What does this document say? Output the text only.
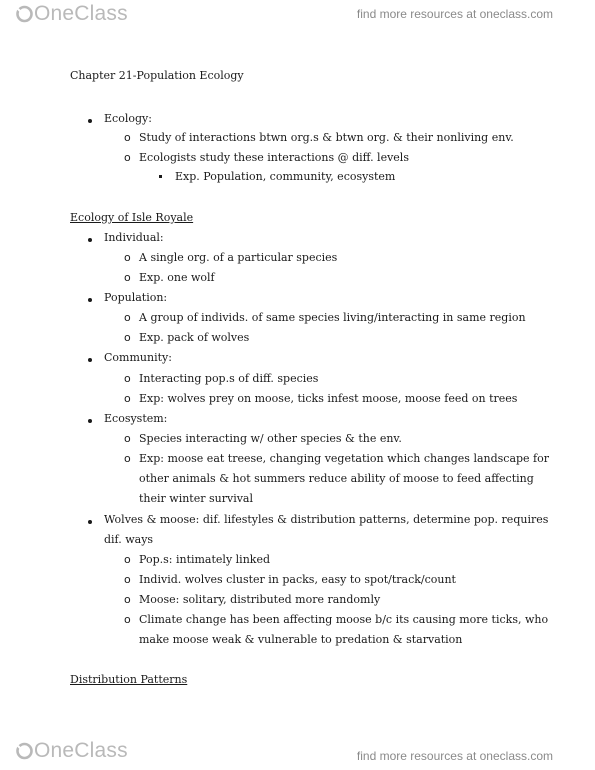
One Class	find more resources at oneclass.com
Chapter 21-Population Ecology
Ecology:
o Study of interactions btwn org.s & btwn org. & their nonliving env.
o Ecologists study these interactions @ diff. levels
Exp. Population, community, ecosystem
Ecology of Isle Royale
Individual:
o A single org. of a particular species
o Exp. one wolf
Population:
o A group of individs. of same species living/interacting in same region
o Exp. pack of wolves
Community:
o Interacting pop.s of diff. species
o Exp: wolves prey on moose, ticks infest moose, moose feed on trees
Ecosystem:
o Species interacting w/ other species & the env.
o Exp: moose eat treese, changing vegetation which changes landscape for
other animals & hot summers reduce ability of moose to feed affecting
their winter survival
Wolves & moose: dif. lifestyles & distribution patterns, determine pop. requires
dif. ways
o Pop.s: intimately linked
o Individ. wolves cluster in packs, easy to spot/track/count
o Moose: solitary, distributed more randomly
o Climate change has been affecting moose b/c its causing more ticks, who
make moose weak & vulnerable to predation & starvation
Distribution Patterns
One Class	find more resources at oneclass.com
